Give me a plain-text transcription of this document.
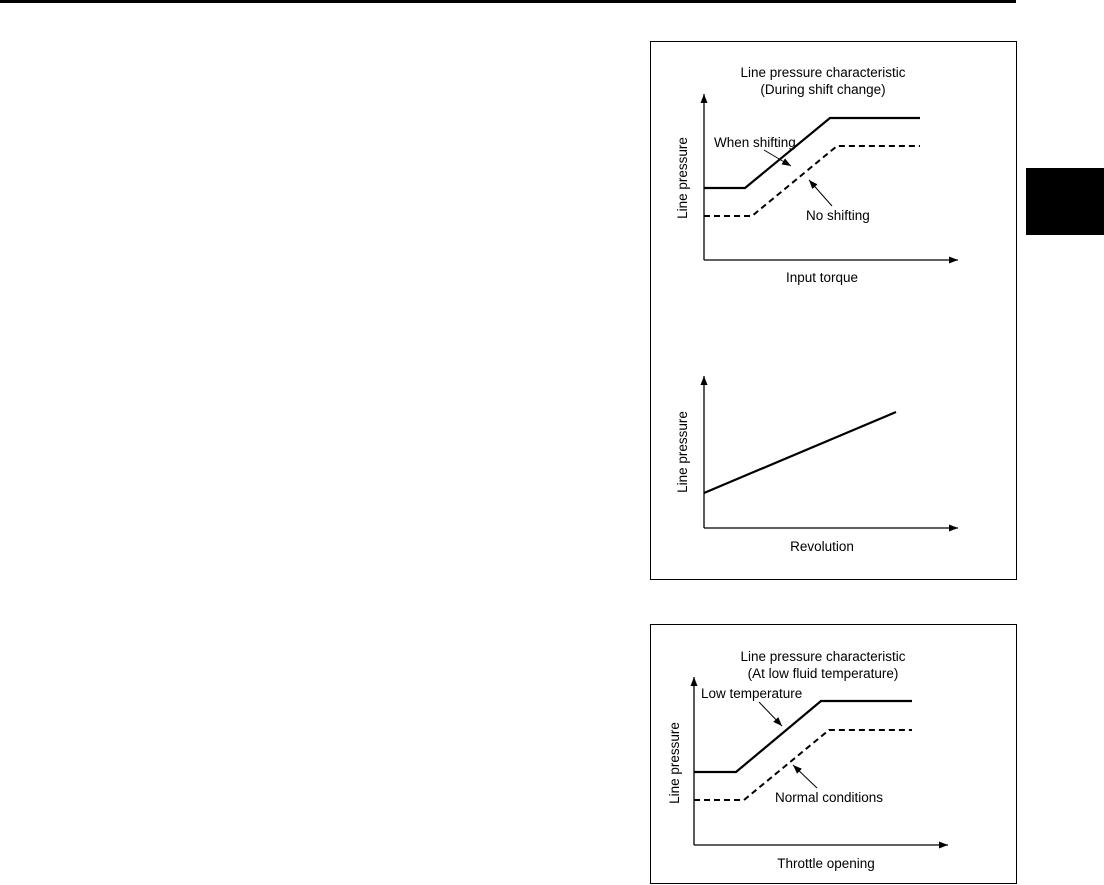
Line pressure characteristic
(During shift change)
Line pressure
Input torque
When shifting
No shifting
Line pressure
Revolution
Line pressure characteristic
(At low fluid temperature)
Line pressure
Throttle opening
Low temperature
Normal conditions
